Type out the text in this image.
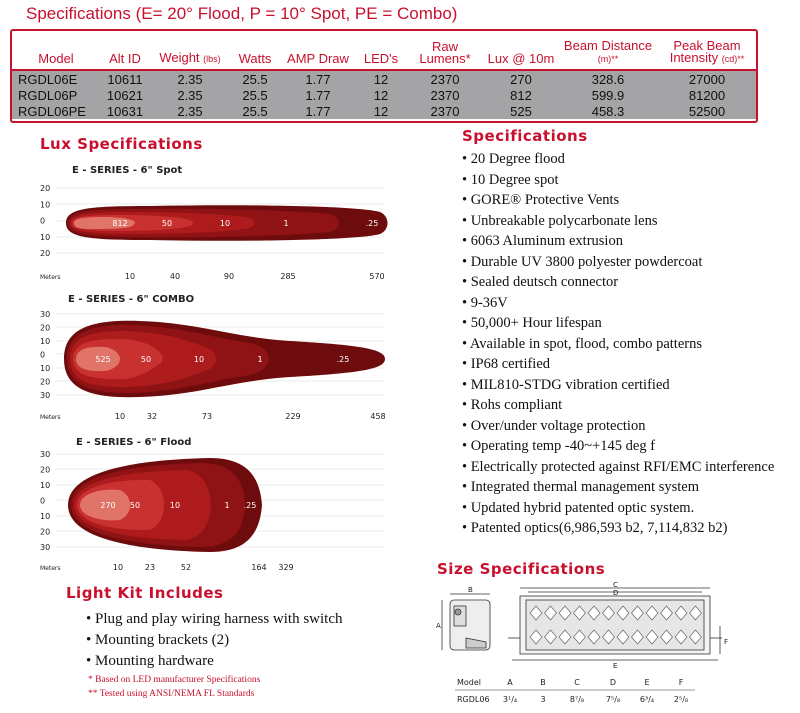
Specifications (E= 20° Flood, P = 10° Spot, PE = Combo)
Model	Alt ID	Weight (lbs)	Watts	AMP Draw	LED's	Raw Lumens*	Lux @ 10m	Beam Distance (m)**	Peak Beam Intensity (cd)**
RGDL06E	10611	2.35	25.5	1.77	12	2370	270	328.6	27000
RGDL06P	10621	2.35	25.5	1.77	12	2370	812	599.9	81200
RGDL06PE	10631	2.35	25.5	1.77	12	2370	525	458.3	52500
Lux Specifications
E - SERIES - 6" Spot
20
10
0
10
20
812	50	10	1	.25
Meters	10	40	90	285	570
E - SERIES - 6" COMBO
30
20
10
0
10
20
30
525	50	10	1	.25
Meters	10	32	73	229	458
E - SERIES - 6" Flood
30
20
10
0
10
20
30
270 50	10	1 .25
Meters	10	23	52	164 329
Specifications
• 20 Degree flood
• 10 Degree spot
• GORE® Protective Vents
• Unbreakable polycarbonate lens
• 6063 Aluminum extrusion
• Durable UV 3800 polyester powdercoat
• Sealed deutsch connector
• 9-36V
• 50,000+ Hour lifespan
• Available in spot, flood, combo patterns
• IP68 certified
• MIL810-STDG vibration certified
• Rohs compliant
• Over/under voltage protection
• Operating temp -40~+145 deg f
• Electrically protected against RFI/EMC interference
• Integrated thermal management system
• Updated hybrid patented optic system.
• Patented optics(6,986,593 b2, 7,114,832 b2)
Light Kit Includes
• Plug and play wiring harness with switch
• Mounting brackets (2)
• Mounting hardware
* Based on LED manufacturer Specifications
** Tested using ANSI/NEMA FL Standards
Size Specifications
A
B
C
D
E
F
Model	A	B	C	D	E	F
RGDL06 3¹/₄	3	8⁷/₈	7⁵/₈ 6³/₄ 2⁵/₈
